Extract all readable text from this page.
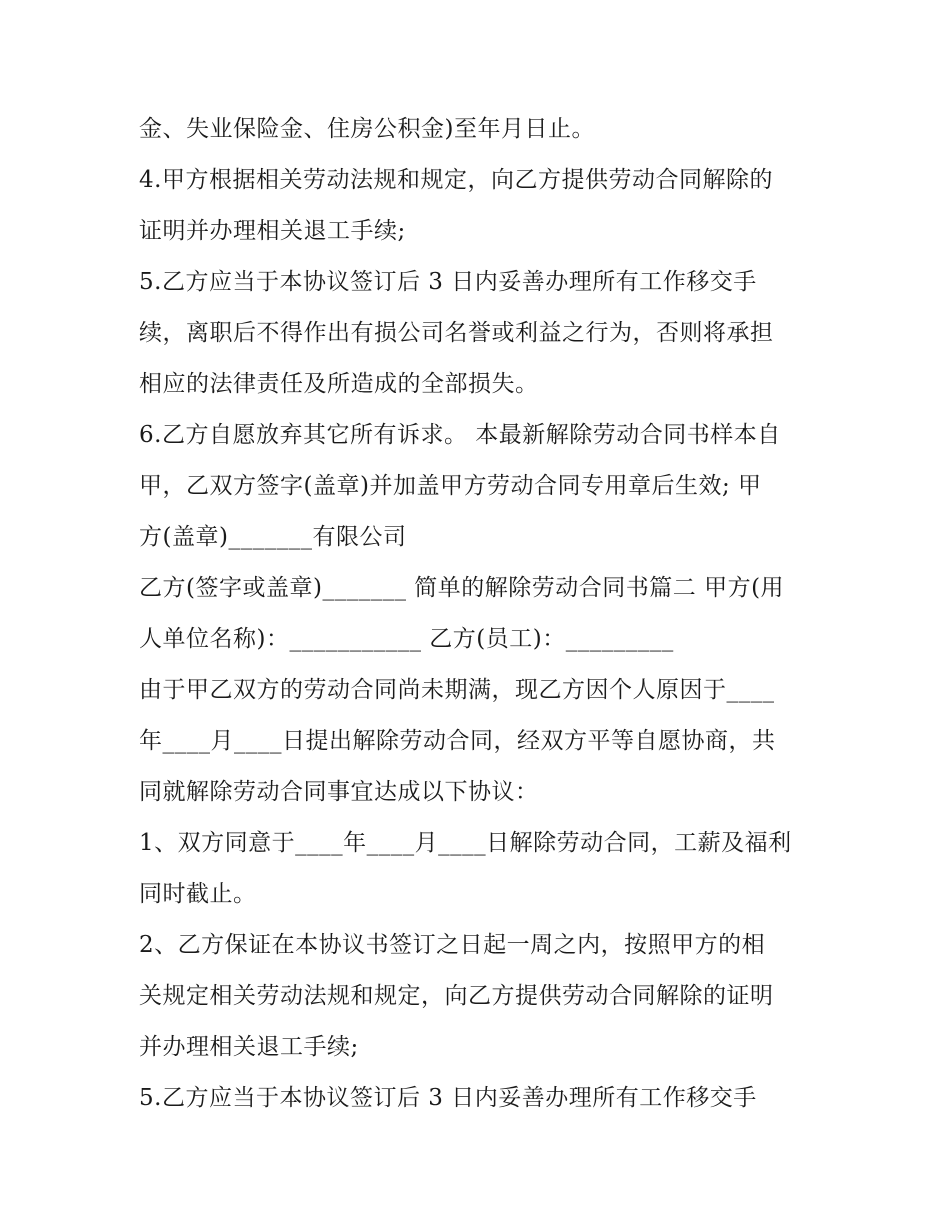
金、失业保险金、住房公积金)至年月日止。
4.甲方根据相关劳动法规和规定，向乙方提供劳动合同解除的
证明并办理相关退工手续;
5.乙方应当于本协议签订后 3 日内妥善办理所有工作移交手
续，离职后不得作出有损公司名誉或利益之行为，否则将承担
相应的法律责任及所造成的全部损失。
6.乙方自愿放弃其它所有诉求。 本最新解除劳动合同书样本自
甲，乙双方签字(盖章)并加盖甲方劳动合同专用章后生效; 甲
方(盖章)_______有限公司
乙方(签字或盖章)_______ 简单的解除劳动合同书篇二 甲方(用
人单位名称)：___________ 乙方(员工)：_________
由于甲乙双方的劳动合同尚未期满，现乙方因个人原因于____
年____月____日提出解除劳动合同，经双方平等自愿协商，共
同就解除劳动合同事宜达成以下协议：
1、双方同意于____年____月____日解除劳动合同，工薪及福利
同时截止。
2、乙方保证在本协议书签订之日起一周之内，按照甲方的相
关规定相关劳动法规和规定，向乙方提供劳动合同解除的证明
并办理相关退工手续;
5.乙方应当于本协议签订后 3 日内妥善办理所有工作移交手
